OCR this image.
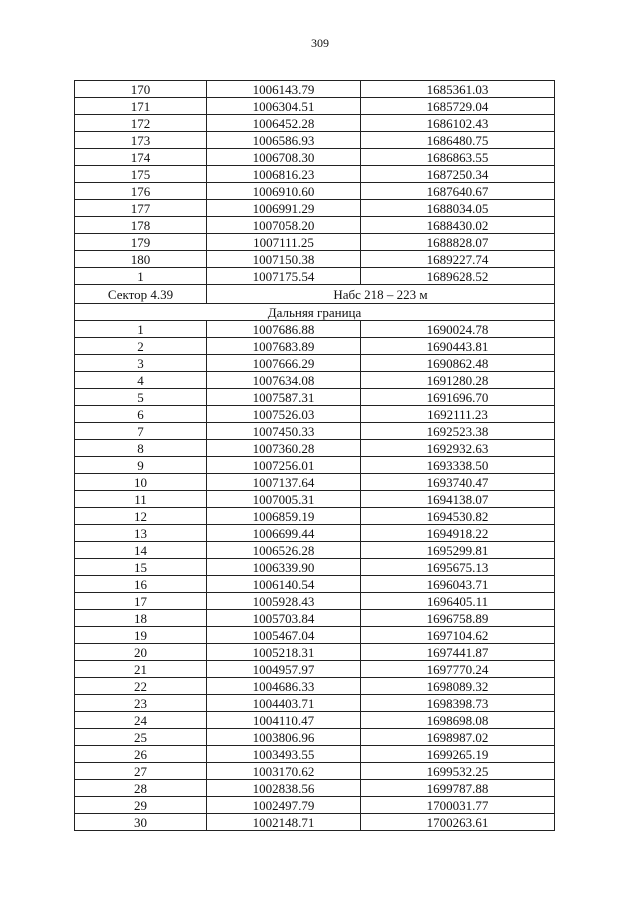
309
170	1006143.79	1685361.03
171	1006304.51	1685729.04
172	1006452.28	1686102.43
173	1006586.93	1686480.75
174	1006708.30	1686863.55
175	1006816.23	1687250.34
176	1006910.60	1687640.67
177	1006991.29	1688034.05
178	1007058.20	1688430.02
179	1007111.25	1688828.07
180	1007150.38	1689227.74
1	1007175.54	1689628.52
Сектор 4.39	Набс 218 – 223 м	
Дальняя граница		
1	1007686.88	1690024.78
2	1007683.89	1690443.81
3	1007666.29	1690862.48
4	1007634.08	1691280.28
5	1007587.31	1691696.70
6	1007526.03	1692111.23
7	1007450.33	1692523.38
8	1007360.28	1692932.63
9	1007256.01	1693338.50
10	1007137.64	1693740.47
11	1007005.31	1694138.07
12	1006859.19	1694530.82
13	1006699.44	1694918.22
14	1006526.28	1695299.81
15	1006339.90	1695675.13
16	1006140.54	1696043.71
17	1005928.43	1696405.11
18	1005703.84	1696758.89
19	1005467.04	1697104.62
20	1005218.31	1697441.87
21	1004957.97	1697770.24
22	1004686.33	1698089.32
23	1004403.71	1698398.73
24	1004110.47	1698698.08
25	1003806.96	1698987.02
26	1003493.55	1699265.19
27	1003170.62	1699532.25
28	1002838.56	1699787.88
29	1002497.79	1700031.77
30	1002148.71	1700263.61
